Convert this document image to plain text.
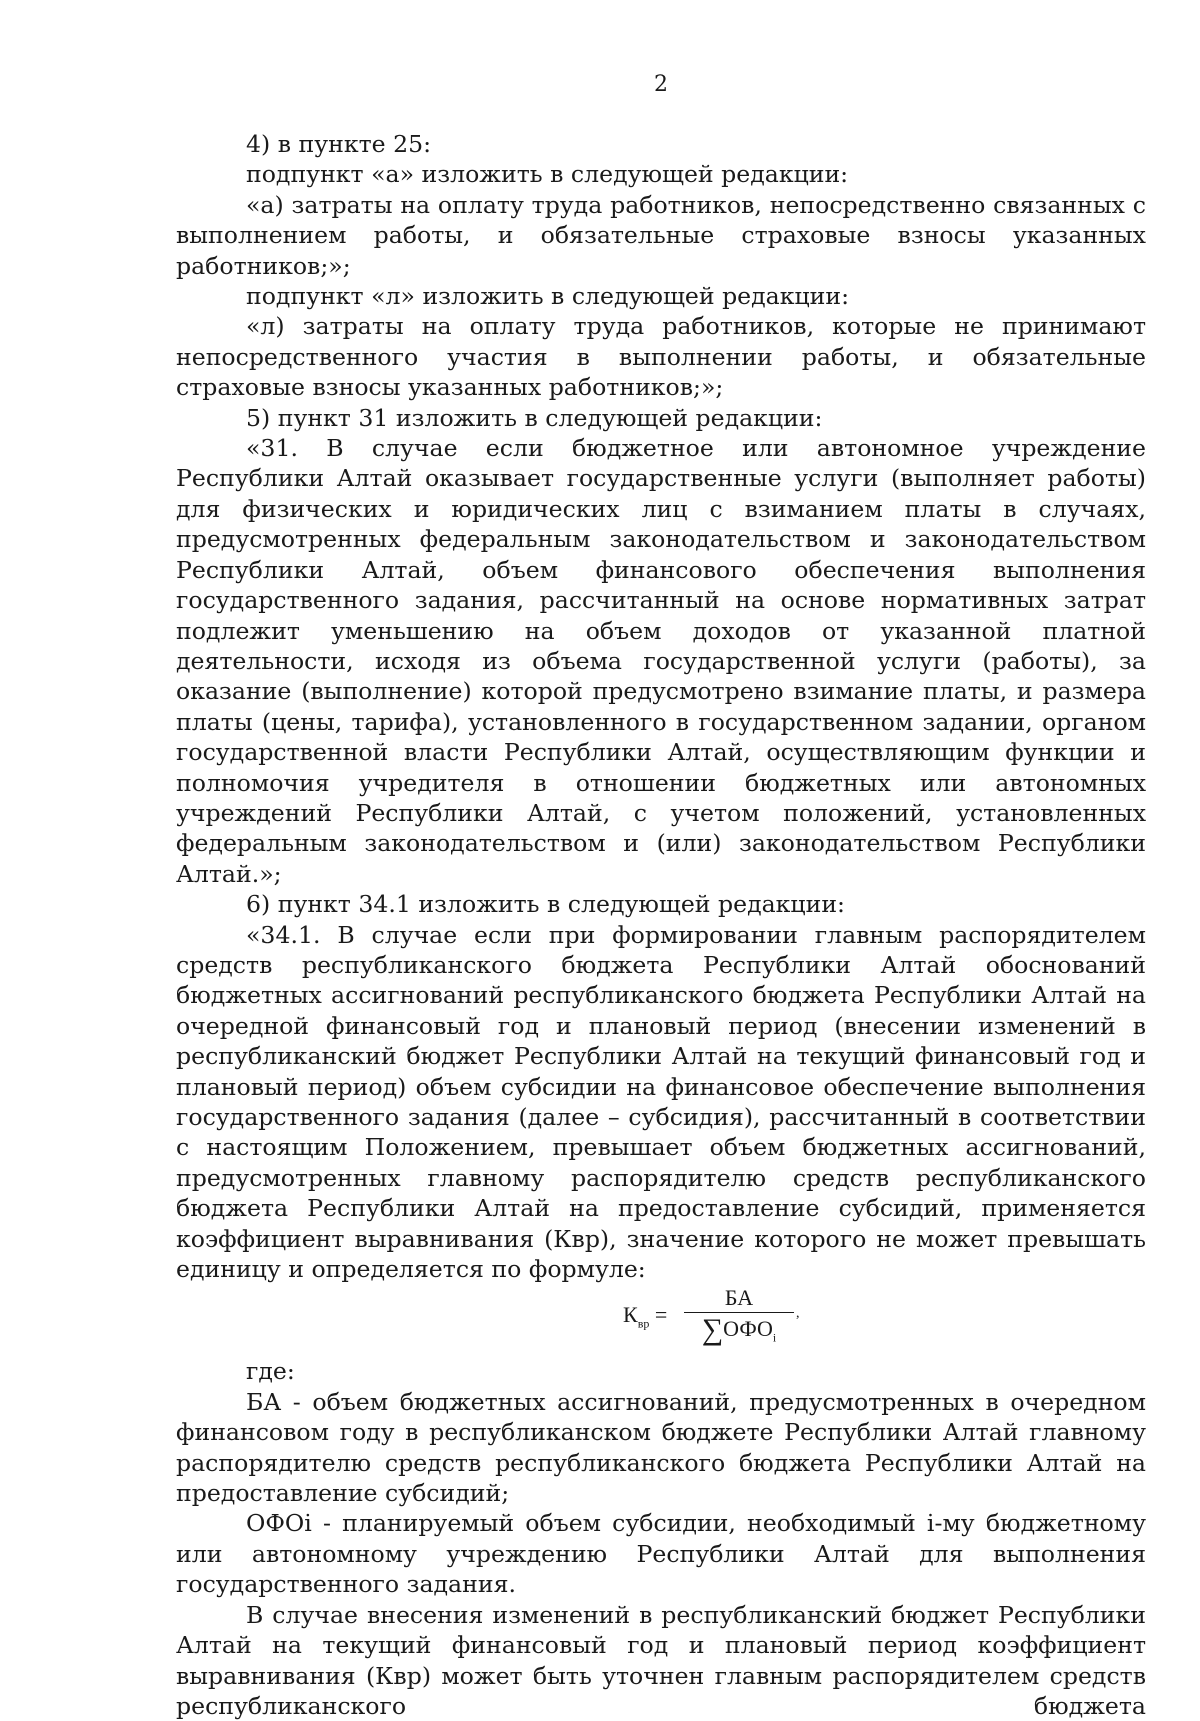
2

4) в пункте 25:

подпункт «а» изложить в следующей редакции:

«а) затраты на оплату труда работников, непосредственно связанных с выполнением работы, и обязательные страховые взносы указанных работников;»;

подпункт «л» изложить в следующей редакции:

«л) затраты на оплату труда работников, которые не принимают непосредственного участия в выполнении работы, и обязательные страховые взносы указанных работников;»;

5) пункт 31 изложить в следующей редакции:

«31. В случае если бюджетное или автономное учреждение Республики Алтай оказывает государственные услуги (выполняет работы) для физических и юридических лиц с взиманием платы в случаях, предусмотренных федеральным законодательством и законодательством Республики Алтай, объем финансового обеспечения выполнения государственного задания, рассчитанный на основе нормативных затрат подлежит уменьшению на объем доходов от указанной платной деятельности, исходя из объема государственной услуги (работы), за оказание (выполнение) которой предусмотрено взимание платы, и размера платы (цены, тарифа), установленного в государственном задании, органом государственной власти Республики Алтай, осуществляющим функции и полномочия учредителя в отношении бюджетных или автономных учреждений Республики Алтай, с учетом положений, установленных федеральным законодательством и (или) законодательством Республики Алтай.»;

6) пункт 34.1 изложить в следующей редакции:

«34.1. В случае если при формировании главным распорядителем средств республиканского бюджета Республики Алтай обоснований бюджетных ассигнований республиканского бюджета Республики Алтай на очередной финансовый год и плановый период (внесении изменений в республиканский бюджет Республики Алтай на текущий финансовый год и плановый период) объем субсидии на финансовое обеспечение выполнения государственного задания (далее – субсидия), рассчитанный в соответствии с настоящим Положением, превышает объем бюджетных ассигнований, предусмотренных главному распорядителю средств республиканского бюджета Республики Алтай на предоставление субсидий, применяется коэффициент выравнивания (Квр), значение которого не может превышать единицу и определяется по формуле:

$К_{вр}$ =
БА
$\sum ОФО_i$
,

где:

БА - объем бюджетных ассигнований, предусмотренных в очередном финансовом году в республиканском бюджете Республики Алтай главному распорядителю средств республиканского бюджета Республики Алтай на предоставление субсидий;

ОФОi - планируемый объем субсидии, необходимый i-му бюджетному или автономному учреждению Республики Алтай для выполнения государственного задания.

В случае внесения изменений в республиканский бюджет Республики Алтай на текущий финансовый год и плановый период коэффициент выравнивания (Квр) может быть уточнен главным распорядителем средств республиканского бюджета
